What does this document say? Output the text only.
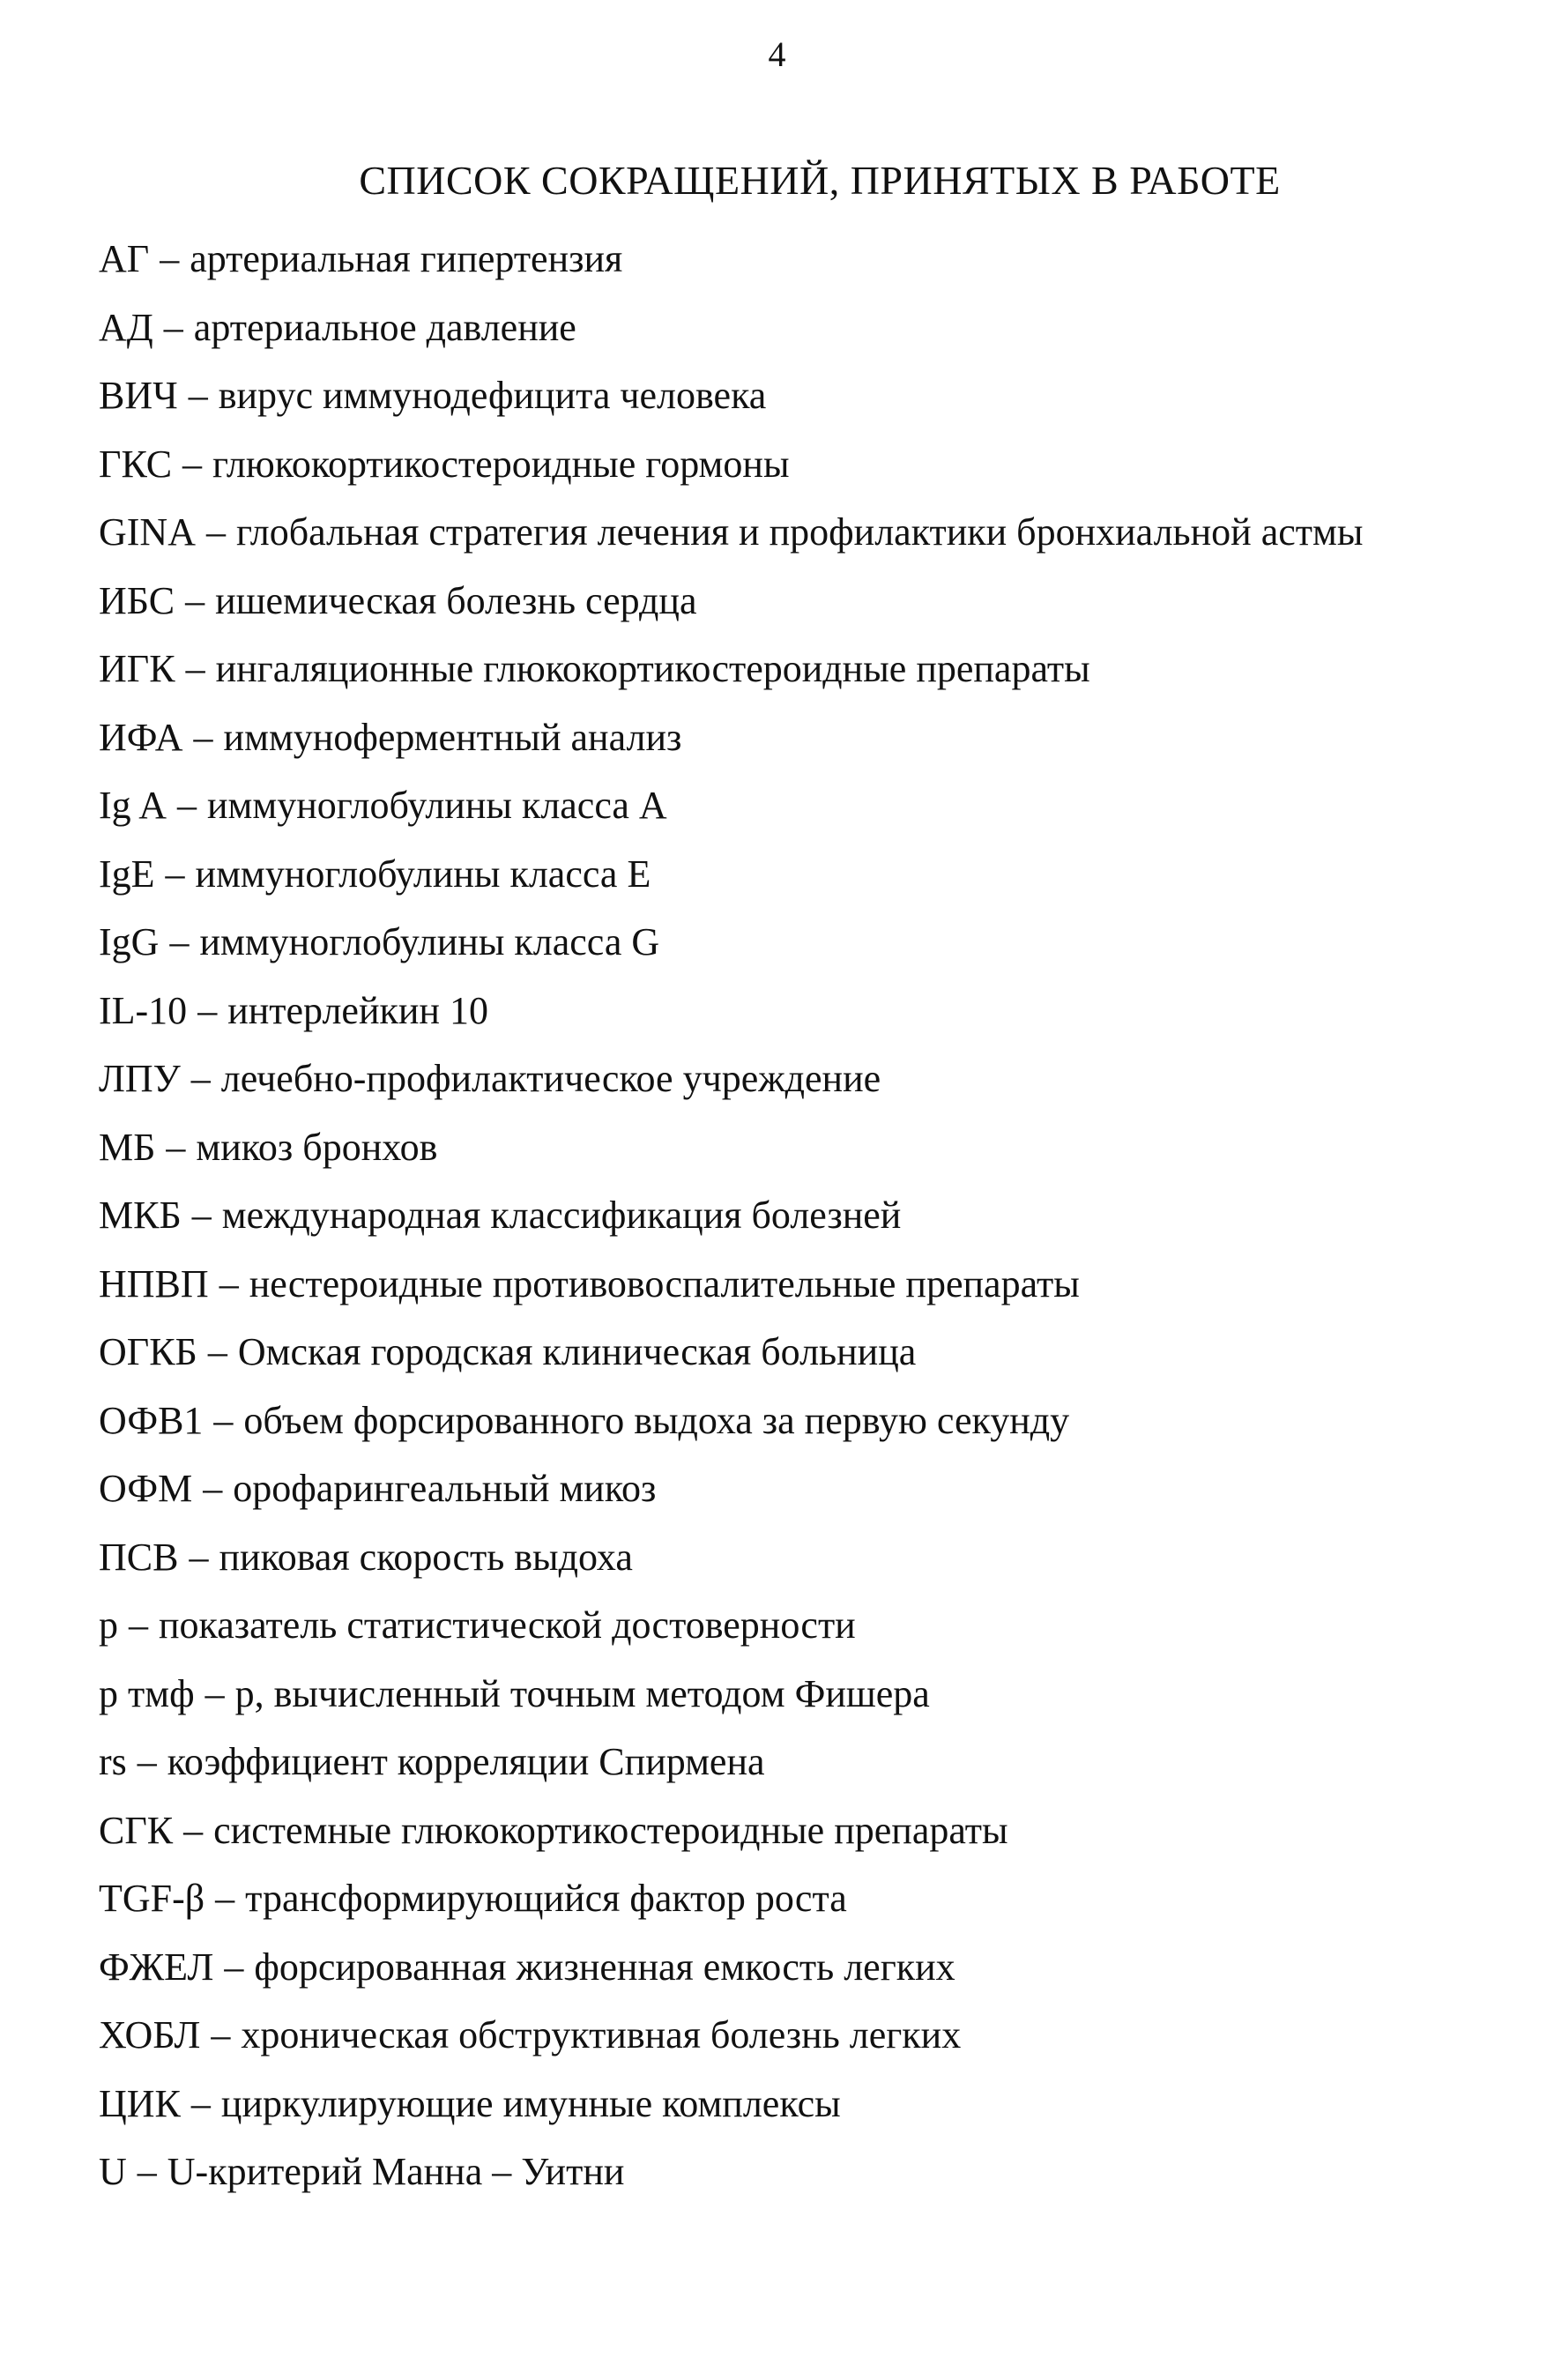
4
СПИСОК СОКРАЩЕНИЙ, ПРИНЯТЫХ В РАБОТЕ
АГ – артериальная гипертензия
АД – артериальное давление
ВИЧ – вирус иммунодефицита человека
ГКС – глюкокортикостероидные гормоны
GINA – глобальная стратегия лечения и профилактики бронхиальной астмы
ИБС – ишемическая болезнь сердца
ИГК – ингаляционные глюкокортикостероидные препараты
ИФА – иммуноферментный анализ
Ig A – иммуноглобулины класса А
IgE – иммуноглобулины класса Е
IgG – иммуноглобулины класса G
IL-10 – интерлейкин 10
ЛПУ – лечебно-профилактическое учреждение
МБ – микоз бронхов
МКБ – международная классификация болезней
НПВП – нестероидные противовоспалительные препараты
ОГКБ – Омская городская клиническая больница
ОФВ1 – объем форсированного выдоха за первую секунду
ОФМ – орофарингеальный микоз
ПСВ – пиковая скорость выдоха
р – показатель статистической достоверности
р тмф – р, вычисленный точным методом Фишера
rs – коэффициент корреляции Спирмена
СГК – системные глюкокортикостероидные препараты
TGF-β – трансформирующийся фактор роста
ФЖЕЛ – форсированная жизненная емкость легких
ХОБЛ – хроническая обструктивная болезнь легких
ЦИК – циркулирующие имунные комплексы
U – U-критерий Манна – Уитни
